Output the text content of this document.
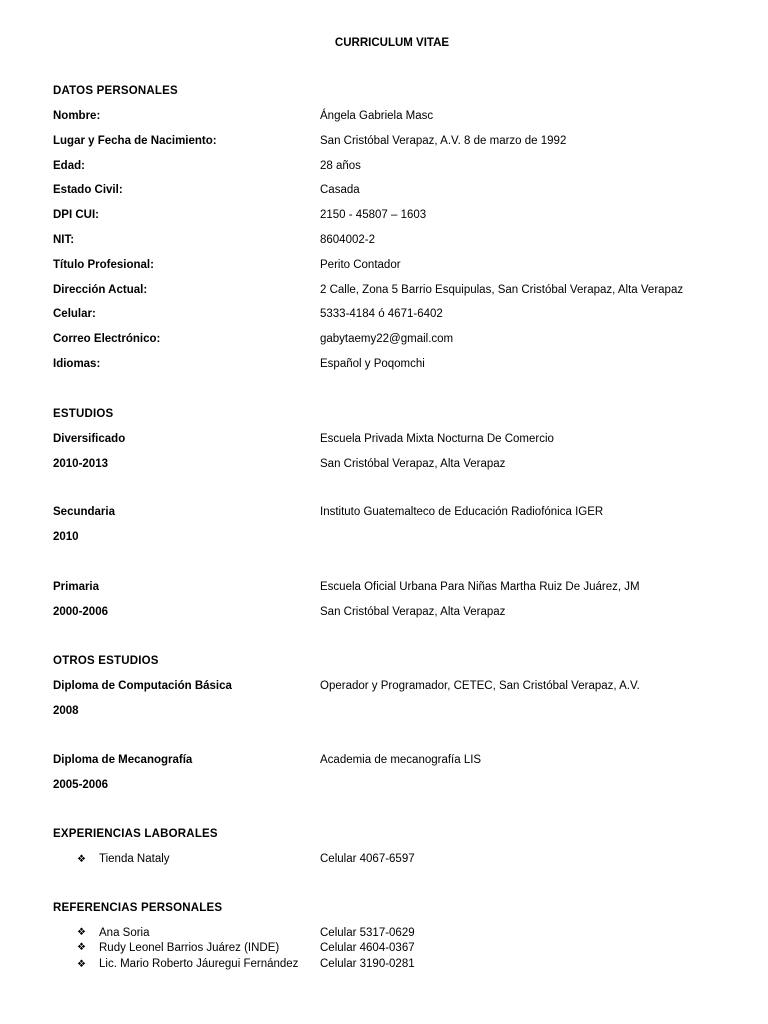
CURRICULUM VITAE
DATOS PERSONALES
Nombre:	Ángela Gabriela Masc
Lugar y Fecha de Nacimiento:	San Cristóbal Verapaz, A.V. 8 de marzo de 1992
Edad:	28 años
Estado Civil:	Casada
DPI CUI:	2150 - 45807 – 1603
NIT:	8604002-2
Título Profesional:	Perito Contador
Dirección Actual:	2 Calle, Zona 5 Barrio Esquipulas, San Cristóbal Verapaz, Alta Verapaz
Celular:	5333-4184 ó 4671-6402
Correo Electrónico:	gabytaemy22@gmail.com
Idiomas:	Español y Poqomchi
ESTUDIOS
Diversificado	Escuela Privada Mixta Nocturna De Comercio
2010-2013	San Cristóbal Verapaz, Alta Verapaz
Secundaria	Instituto Guatemalteco de Educación Radiofónica IGER
2010
Primaria	Escuela Oficial Urbana Para Niñas Martha Ruiz De Juárez, JM
2000-2006	San Cristóbal Verapaz, Alta Verapaz
OTROS ESTUDIOS
Diploma de Computación Básica	Operador y Programador, CETEC, San Cristóbal Verapaz, A.V.
2008
Diploma de Mecanografía	Academia de mecanografía LIS
2005-2006
EXPERIENCIAS LABORALES
❖ Tienda Nataly	Celular 4067-6597
REFERENCIAS PERSONALES
❖ Ana Soria	Celular 5317-0629
❖ Rudy Leonel Barrios Juárez (INDE)	Celular 4604-0367
❖ Lic. Mario Roberto Jáuregui Fernández Celular 3190-0281
